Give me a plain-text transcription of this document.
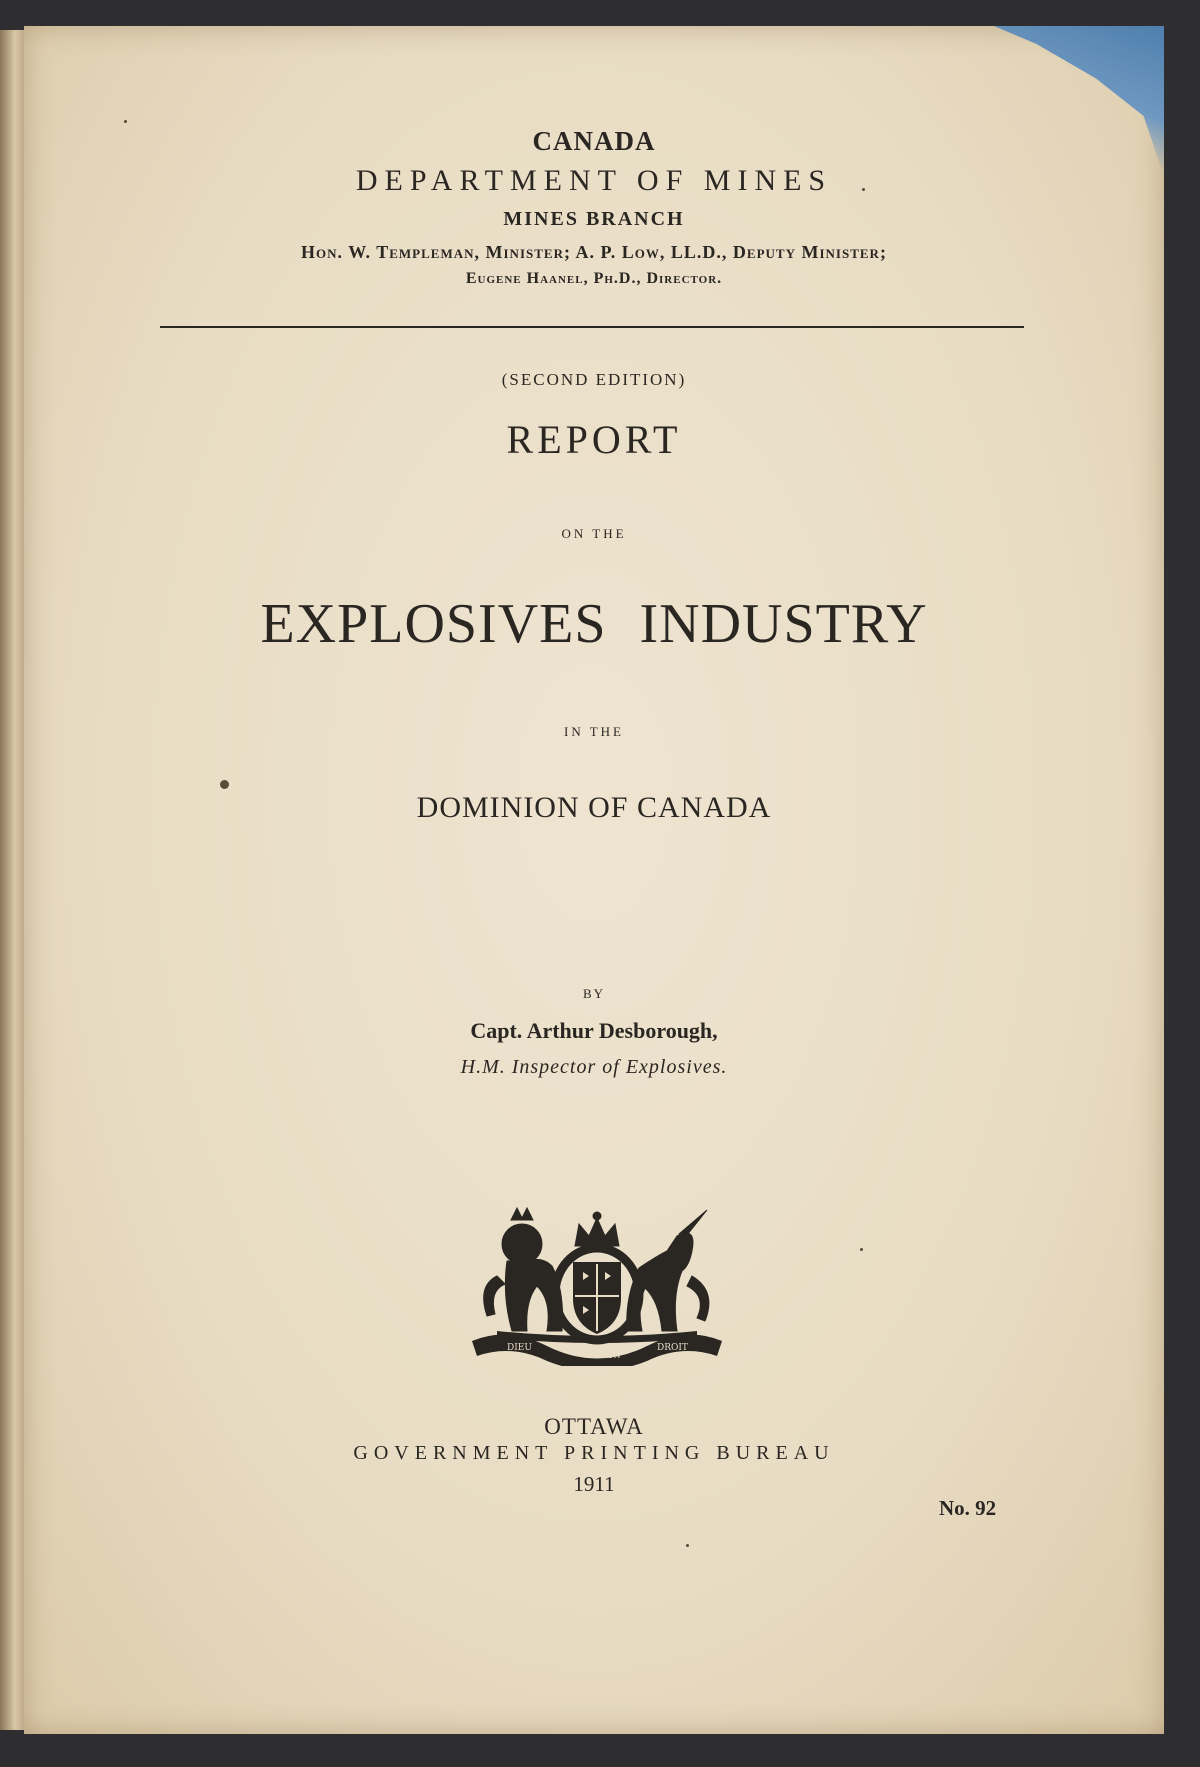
CANADA
DEPARTMENT OF MINES
MINES BRANCH
Hon. W. Templeman, Minister; A. P. Low, LL.D., Deputy Minister;
Eugene Haanel, Ph.D., Director.
(SECOND EDITION)
REPORT
ON THE
EXPLOSIVES INDUSTRY
IN THE
DOMINION OF CANADA
BY
Capt. Arthur Desborough,
H.M. Inspector of Explosives.
DIEU
ET MON
DROIT
OTTAWA
GOVERNMENT PRINTING BUREAU
1911
No. 92
